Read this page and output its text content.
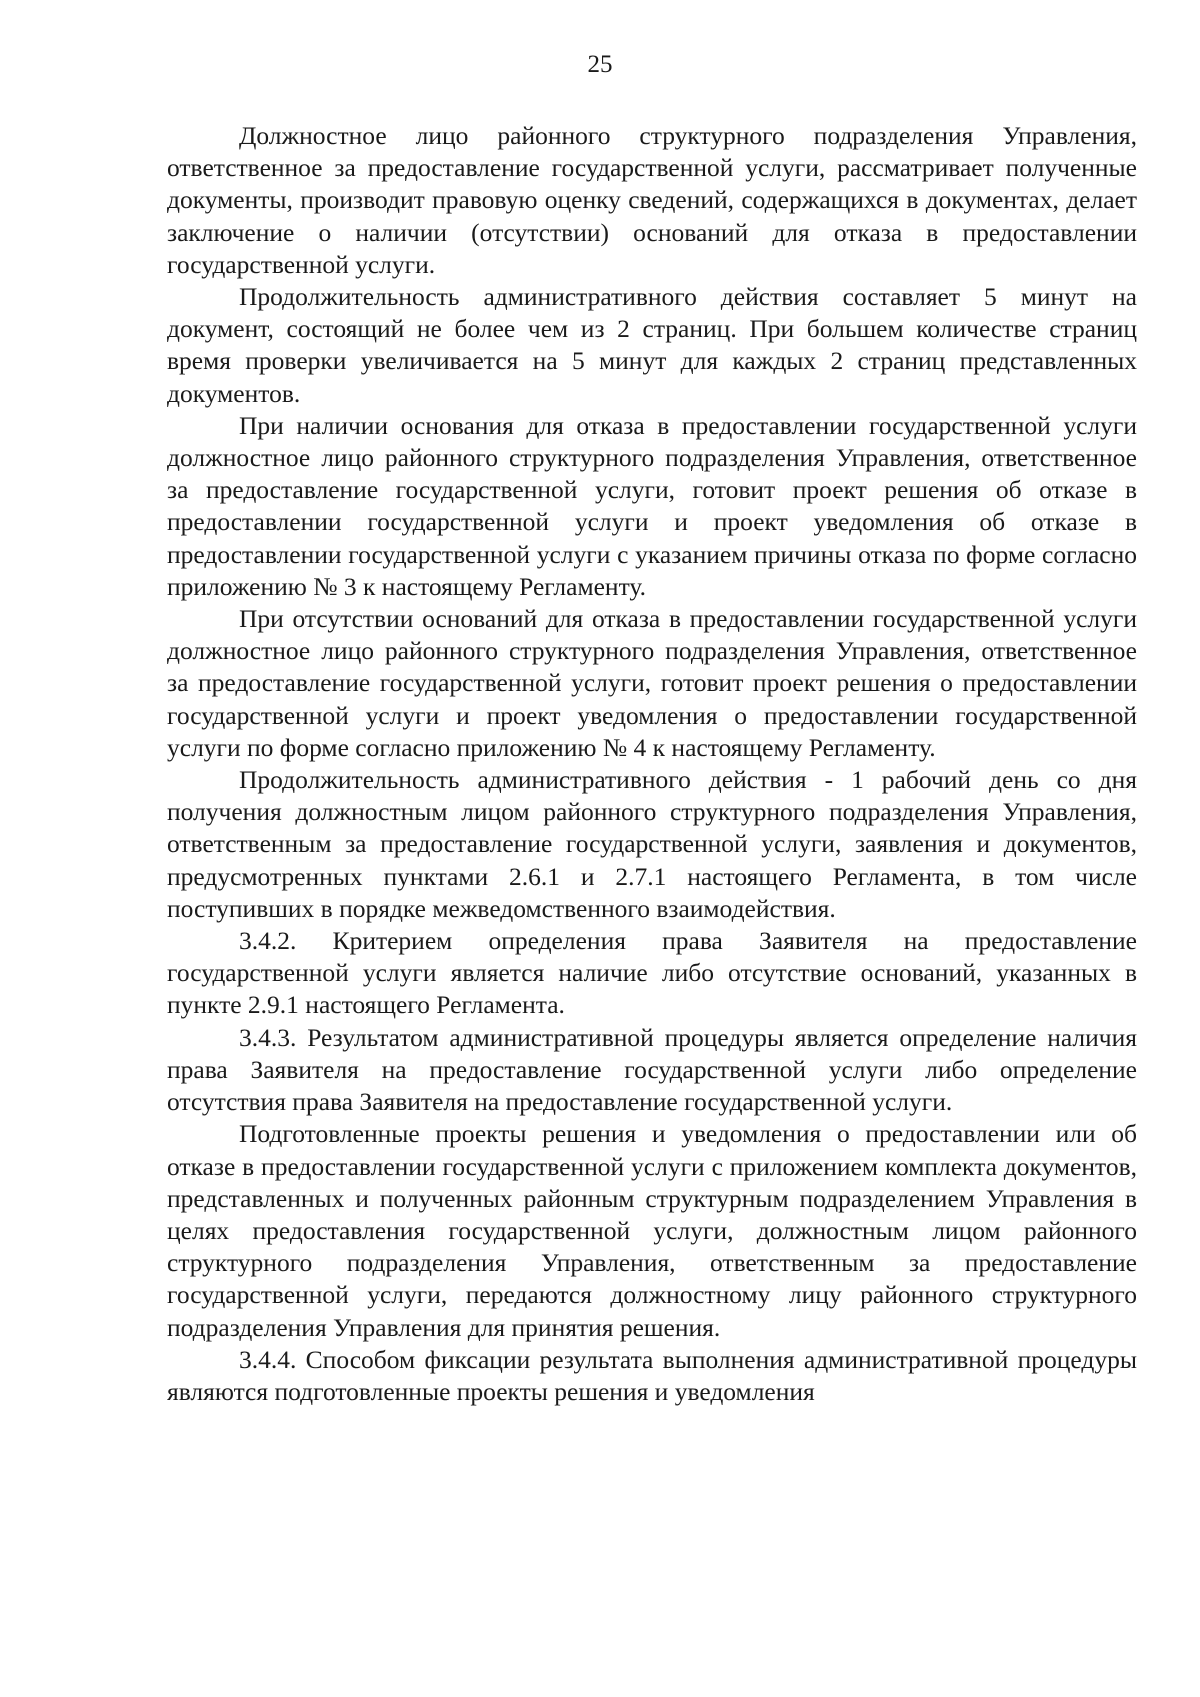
25

Должностное лицо районного структурного подразделения Управления, ответственное за предоставление государственной услуги, рассматривает полученные документы, производит правовую оценку сведений, содержащихся в документах, делает заключение о наличии (отсутствии) оснований для отказа в предоставлении государственной услуги.

Продолжительность административного действия составляет 5 минут на документ, состоящий не более чем из 2 страниц. При большем количестве страниц время проверки увеличивается на 5 минут для каждых 2 страниц представленных документов.

При наличии основания для отказа в предоставлении государственной услуги должностное лицо районного структурного подразделения Управления, ответственное за предоставление государственной услуги, готовит проект решения об отказе в предоставлении государственной услуги и проект уведомления об отказе в предоставлении государственной услуги с указанием причины отказа по форме согласно приложению № 3 к настоящему Регламенту.

При отсутствии оснований для отказа в предоставлении государственной услуги должностное лицо районного структурного подразделения Управления, ответственное за предоставление государственной услуги, готовит проект решения о предоставлении государственной услуги и проект уведомления о предоставлении государственной услуги по форме согласно приложению № 4 к настоящему Регламенту.

Продолжительность административного действия - 1 рабочий день со дня получения должностным лицом районного структурного подразделения Управления, ответственным за предоставление государственной услуги, заявления и документов, предусмотренных пунктами 2.6.1 и 2.7.1 настоящего Регламента, в том числе поступивших в порядке межведомственного взаимодействия.

3.4.2. Критерием определения права Заявителя на предоставление государственной услуги является наличие либо отсутствие оснований, указанных в пункте 2.9.1 настоящего Регламента.

3.4.3. Результатом административной процедуры является определение наличия права Заявителя на предоставление государственной услуги либо определение отсутствия права Заявителя на предоставление государственной услуги.

Подготовленные проекты решения и уведомления о предоставлении или об отказе в предоставлении государственной услуги с приложением комплекта документов, представленных и полученных районным структурным подразделением Управления в целях предоставления государственной услуги, должностным лицом районного структурного подразделения Управления, ответственным за предоставление государственной услуги, передаются должностному лицу районного структурного подразделения Управления для принятия решения.

3.4.4. Способом фиксации результата выполнения административной процедуры являются подготовленные проекты решения и уведомления
